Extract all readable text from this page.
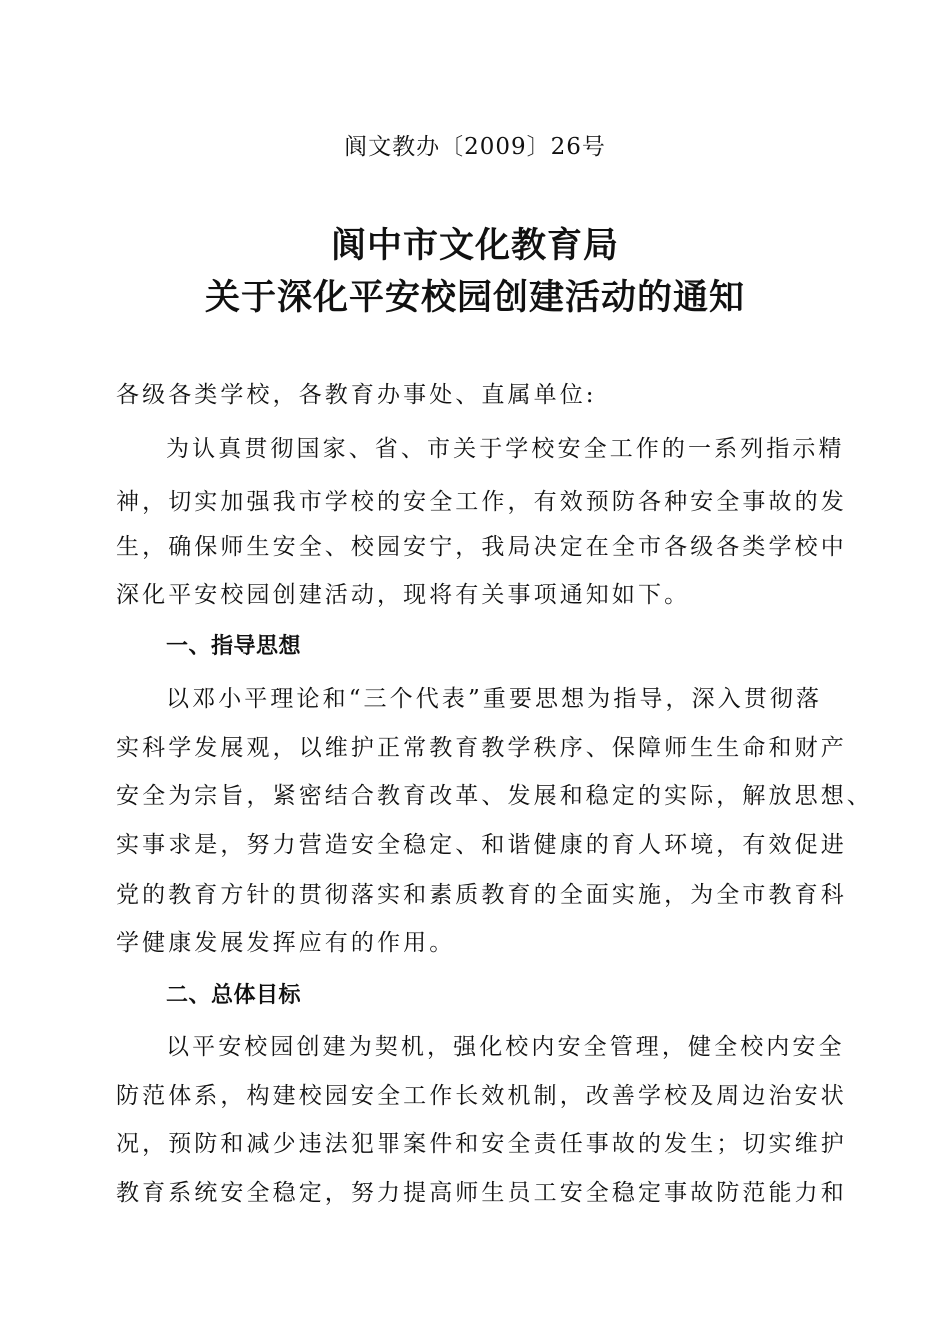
阆文教办〔2009〕26号
阆中市文化教育局
关于深化平安校园创建活动的通知
各级各类学校，各教育办事处、直属单位:
为认真贯彻国家、省、市关于学校安全工作的一系列指示精
神，切实加强我市学校的安全工作，有效预防各种安全事故的发
生，确保师生安全、校园安宁，我局决定在全市各级各类学校中
深化平安校园创建活动，现将有关事项通知如下。
一、指导思想
以邓小平理论和“三个代表”重要思想为指导，深入贯彻落
实科学发展观，以维护正常教育教学秩序、保障师生生命和财产
安全为宗旨，紧密结合教育改革、发展和稳定的实际，解放思想、
实事求是，努力营造安全稳定、和谐健康的育人环境，有效促进
党的教育方针的贯彻落实和素质教育的全面实施，为全市教育科
学健康发展发挥应有的作用。
二、总体目标
以平安校园创建为契机，强化校内安全管理，健全校内安全
防范体系，构建校园安全工作长效机制，改善学校及周边治安状
况，预防和减少违法犯罪案件和安全责任事故的发生；切实维护
教育系统安全稳定，努力提高师生员工安全稳定事故防范能力和
